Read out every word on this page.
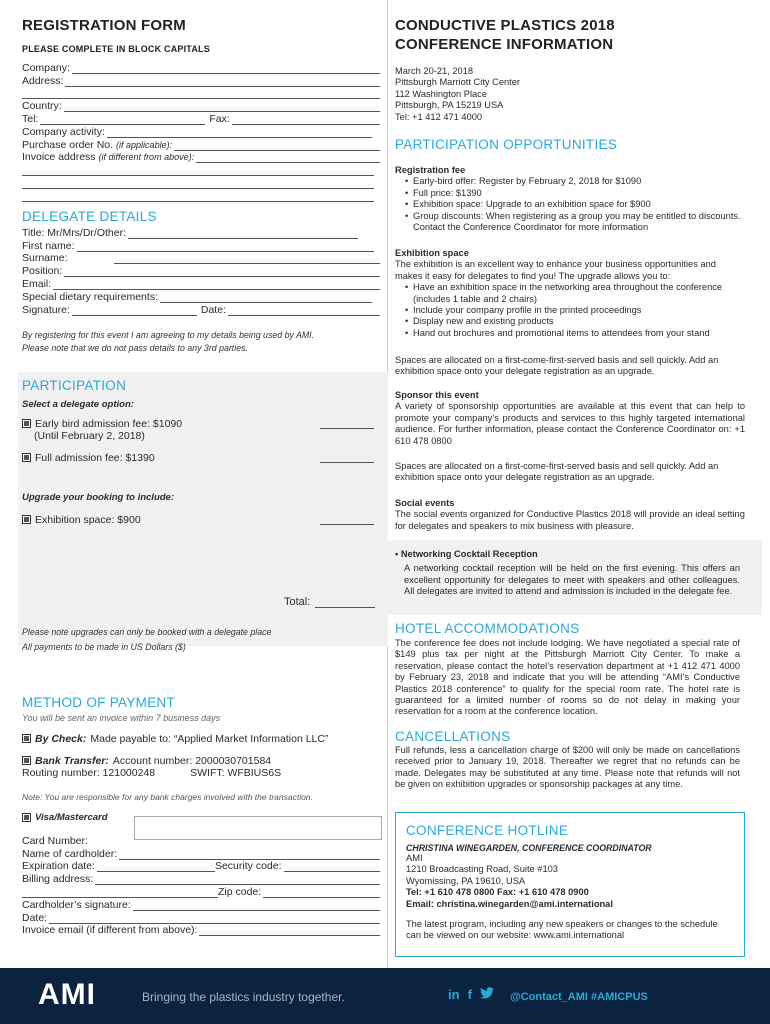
REGISTRATION FORM
PLEASE COMPLETE IN BLOCK CAPITALS
Company:
Address:
Country:
Tel:	Fax:
Company activity:
Purchase order No. (if applicable):
Invoice address (if different from above):
DELEGATE DETAILS
Title: Mr/Mrs/Dr/Other:
First name:
Surname:
Position:
Email:
Special dietary requirements:
Signature:	Date:
By registering for this event I am agreeing to my details being used by AMI.
Please note that we do not pass details to any 3rd parties.
PARTICIPATION
Select a delegate option:
Early bird admission fee: $1090
(Until February 2, 2018)
Full admission fee: $1390
Upgrade your booking to include:
Exhibition space: $900
Total:
Please note upgrades can only be booked with a delegate place
All payments to be made in US Dollars ($)
METHOD OF PAYMENT
You will be sent an invoice within 7 business days
By Check: Made payable to: “Applied Market Information LLC”
Bank Transfer: Account number: 2000030701584
Routing number: 121000248	SWIFT: WFBIUS6S
Note: You are responsible for any bank charges involved with the transaction.
Visa/Mastercard
Card Number:
Name of cardholder:
Expiration date:	Security code:
Billing address:
Zip code:
Cardholder’s signature:
Date:
Invoice email (if different from above):
CONDUCTIVE PLASTICS 2018
CONFERENCE INFORMATION

March 20-21, 2018

Pittsburgh Marriott City Center

112 Washington Place

Pittsburgh, PA 15219 USA

Tel: +1 412 471 4000

PARTICIPATION OPPORTUNITIES

Registration fee

• Early-bird offer: Register by February 2, 2018 for $1090
• Full price: $1390
• Exhibition space: Upgrade to an exhibition space for $900
• Group discounts: When registering as a group you may be entitled to discounts. Contact the Conference Coordinator for more information

Exhibition space

The exhibition is an excellent way to enhance your business opportunities and makes it easy for delegates to find you! The upgrade allows you to:

• Have an exhibition space in the networking area throughout the conference (includes 1 table and 2 chairs)
• Include your company profile in the printed proceedings
• Display new and existing products
• Hand out brochures and promotional items to attendees from your stand

Spaces are allocated on a first-come-first-served basis and sell quickly. Add an exhibition space onto your delegate registration as an upgrade.

Sponsor this event

A variety of sponsorship opportunities are available at this event that can help to promote your company’s products and services to this highly targeted international audience. For further information, please contact the Conference Coordinator on: +1 610 478 0800

Spaces are allocated on a first-come-first-served basis and sell quickly. Add an exhibition space onto your delegate registration as an upgrade.

Social events

The social events organized for Conductive Plastics 2018 will provide an ideal setting for delegates and speakers to mix business with pleasure.

• Networking Cocktail Reception

A networking cocktail reception will be held on the first evening. This offers an excellent opportunity for delegates to meet with speakers and other colleagues. All delegates are invited to attend and admission is included in the delegate fee.

HOTEL ACCOMMODATIONS

The conference fee does not include lodging. We have negotiated a special rate of $149 plus tax per night at the Pittsburgh Marriott City Center. To make a reservation, please contact the hotel’s reservation department at +1 412 471 4000 by February 23, 2018 and indicate that you will be attending “AMI’s Conductive Plastics 2018 conference” to qualify for the special room rate. The hotel rate is guaranteed for a limited number of rooms so do not delay in making your reservation for a room at the conference location.

CANCELLATIONS

Full refunds, less a cancellation charge of $200 will only be made on cancellations received prior to January 19, 2018. Thereafter we regret that no refunds can be made. Delegates may be substituted at any time. Please note that refunds will not be given on exhibition upgrades or sponsorship packages at any time.

CONFERENCE HOTLINE
CHRISTINA WINEGARDEN, CONFERENCE COORDINATOR
AMI
1210 Broadcasting Road, Suite #103
Wyomissing, PA 19610, USA
Tel: +1 610 478 0800 Fax: +1 610 478 0900
Email: christina.winegarden@ami.international
The latest program, including any new speakers or changes to the schedule can be viewed on our website: www.ami.international
AMI	Bringing the plastics industry together.	in f	@Contact_AMI #AMICPUS
